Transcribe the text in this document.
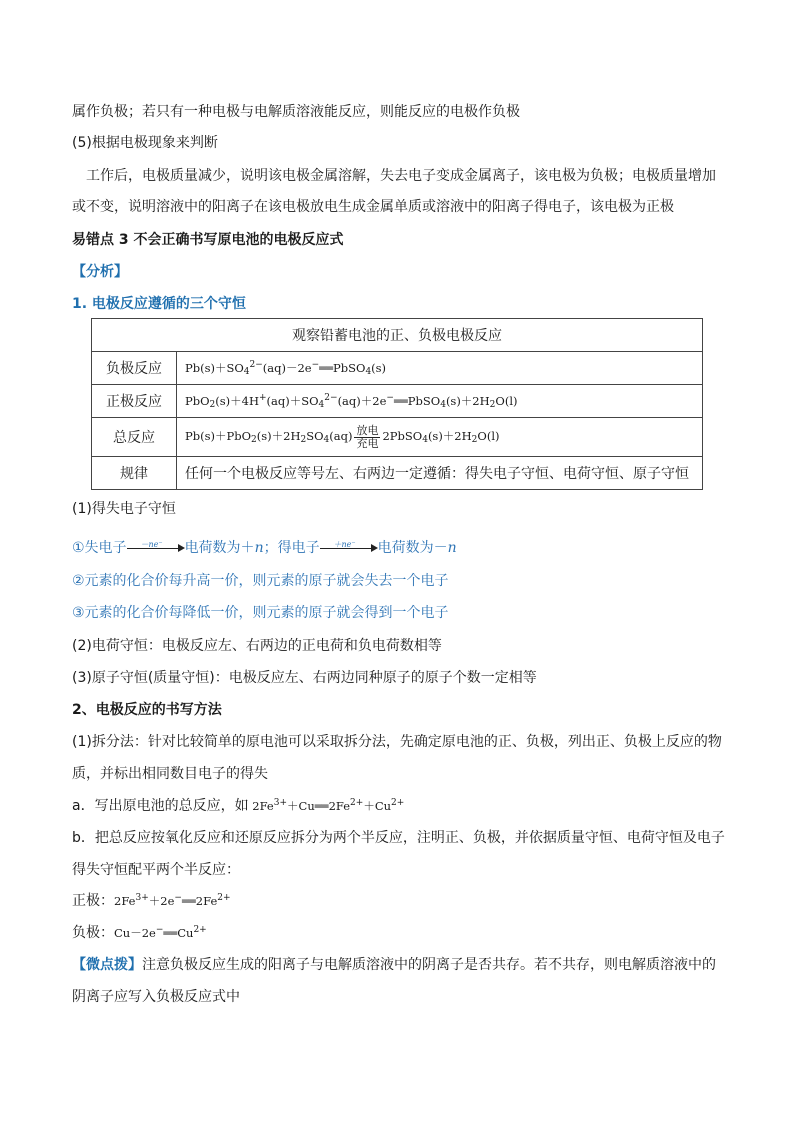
属作负极；若只有一种电极与电解质溶液能反应，则能反应的电极作负极
(5)根据电极现象来判断
工作后，电极质量减少，说明该电极金属溶解，失去电子变成金属离子，该电极为负极；电极质量增加
或不变，说明溶液中的阳离子在该电极放电生成金属单质或溶液中的阳离子得电子，该电极为正极
易错点 3 不会正确书写原电池的电极反应式
【分析】
1. 电极反应遵循的三个守恒
观察铅蓄电池的正、负极电极反应	
负极反应	$Pb(s)+SO_4^{2-}(aq)-2e^-══PbSO_4(s)$
正极反应	$PbO_2(s)+4H^+(aq)+SO_4^{2-}(aq)+2e^-══PbSO_4(s)+2H_2O(l)$
总反应	$Pb(s)+PbO_2(s)+2H_2SO_4(aq) \frac{\text{放电}}{\text{充电}}$ $2PbSO_4(s)+2H_2O(l)$
规律	任何一个电极反应等号左、右两边一定遵循：得失电子守恒、电荷守恒、原子守恒
(1)得失电子守恒
①失电子	－ne⁻	电荷数为＋n；得电子	＋ne⁻	电荷数为－n
②元素的化合价每升高一价，则元素的原子就会失去一个电子
③元素的化合价每降低一价，则元素的原子就会得到一个电子
(2)电荷守恒：电极反应左、右两边的正电荷和负电荷数相等
(3)原子守恒(质量守恒)：电极反应左、右两边同种原子的原子个数一定相等
2、电极反应的书写方法
(1)拆分法：针对比较简单的原电池可以采取拆分法，先确定原电池的正、负极，列出正、负极上反应的物
质，并标出相同数目电子的得失
a．写出原电池的总反应，如 $2Fe^{3+}+Cu══2Fe^{2+}+Cu^{2+}$
b．把总反应按氧化反应和还原反应拆分为两个半反应，注明正、负极，并依据质量守恒、电荷守恒及电子
得失守恒配平两个半反应：
正极：$2Fe^{3+}+2e^-══2Fe^{2+}$
负极：$Cu-2e^-══Cu^{2+}$
【微点拨】注意负极反应生成的阳离子与电解质溶液中的阴离子是否共存。若不共存，则电解质溶液中的
阴离子应写入负极反应式中
